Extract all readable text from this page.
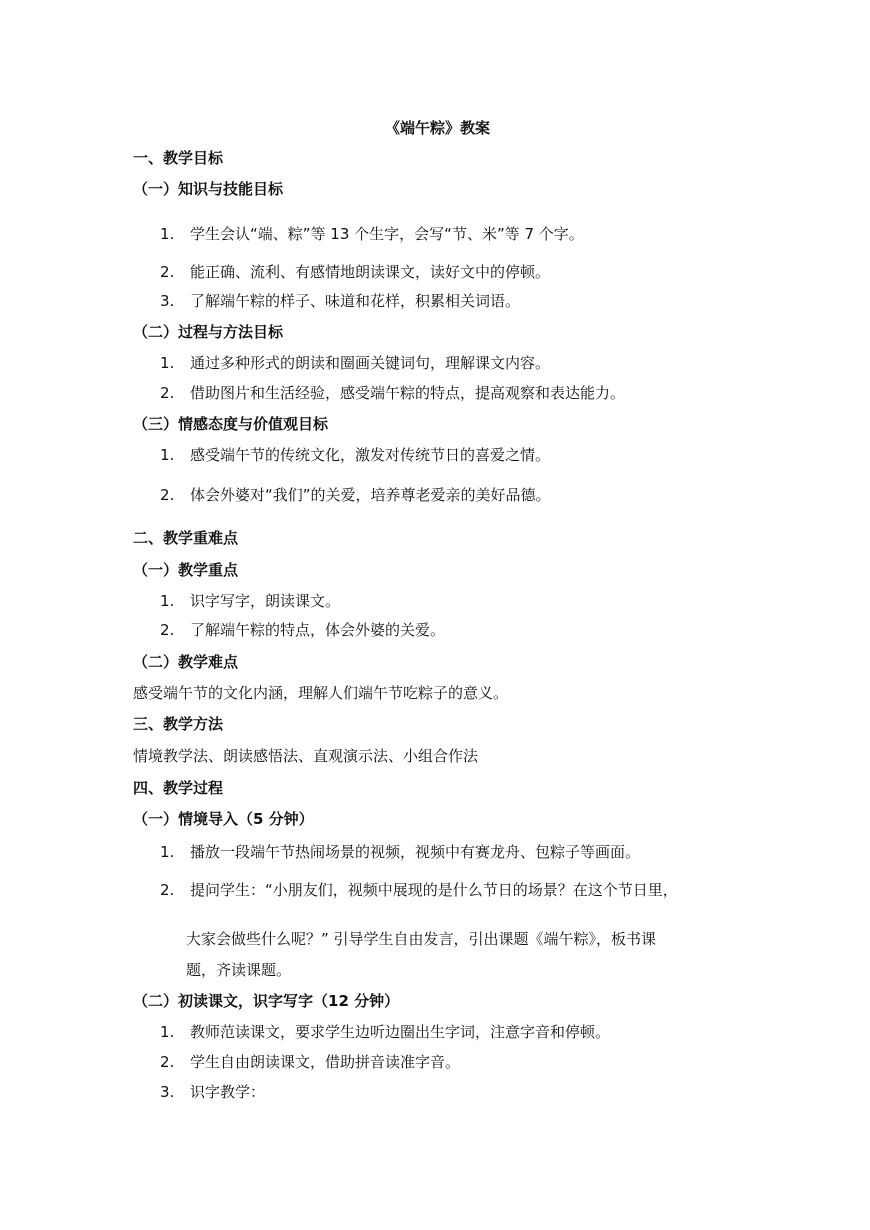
《端午粽》教案
一、教学目标
（一）知识与技能目标
1. 学生会认“端、粽”等 13 个生字，会写“节、米”等 7 个字。
2. 能正确、流利、有感情地朗读课文，读好文中的停顿。
3. 了解端午粽的样子、味道和花样，积累相关词语。
（二）过程与方法目标
1. 通过多种形式的朗读和圈画关键词句，理解课文内容。
2. 借助图片和生活经验，感受端午粽的特点，提高观察和表达能力。
（三）情感态度与价值观目标
1. 感受端午节的传统文化，激发对传统节日的喜爱之情。
2. 体会外婆对“我们”的关爱，培养尊老爱亲的美好品德。
二、教学重难点
（一）教学重点
1. 识字写字，朗读课文。
2. 了解端午粽的特点，体会外婆的关爱。
（二）教学难点
感受端午节的文化内涵，理解人们端午节吃粽子的意义。
三、教学方法
情境教学法、朗读感悟法、直观演示法、小组合作法
四、教学过程
（一）情境导入（5 分钟）
1. 播放一段端午节热闹场景的视频，视频中有赛龙舟、包粽子等画面。
2. 提问学生：“小朋友们，视频中展现的是什么节日的场景？在这个节日里，
大家会做些什么呢？” 引导学生自由发言，引出课题《端午粽》，板书课
题，齐读课题。
（二）初读课文，识字写字（12 分钟）
1. 教师范读课文，要求学生边听边圈出生字词，注意字音和停顿。
2. 学生自由朗读课文，借助拼音读准字音。
3. 识字教学：
